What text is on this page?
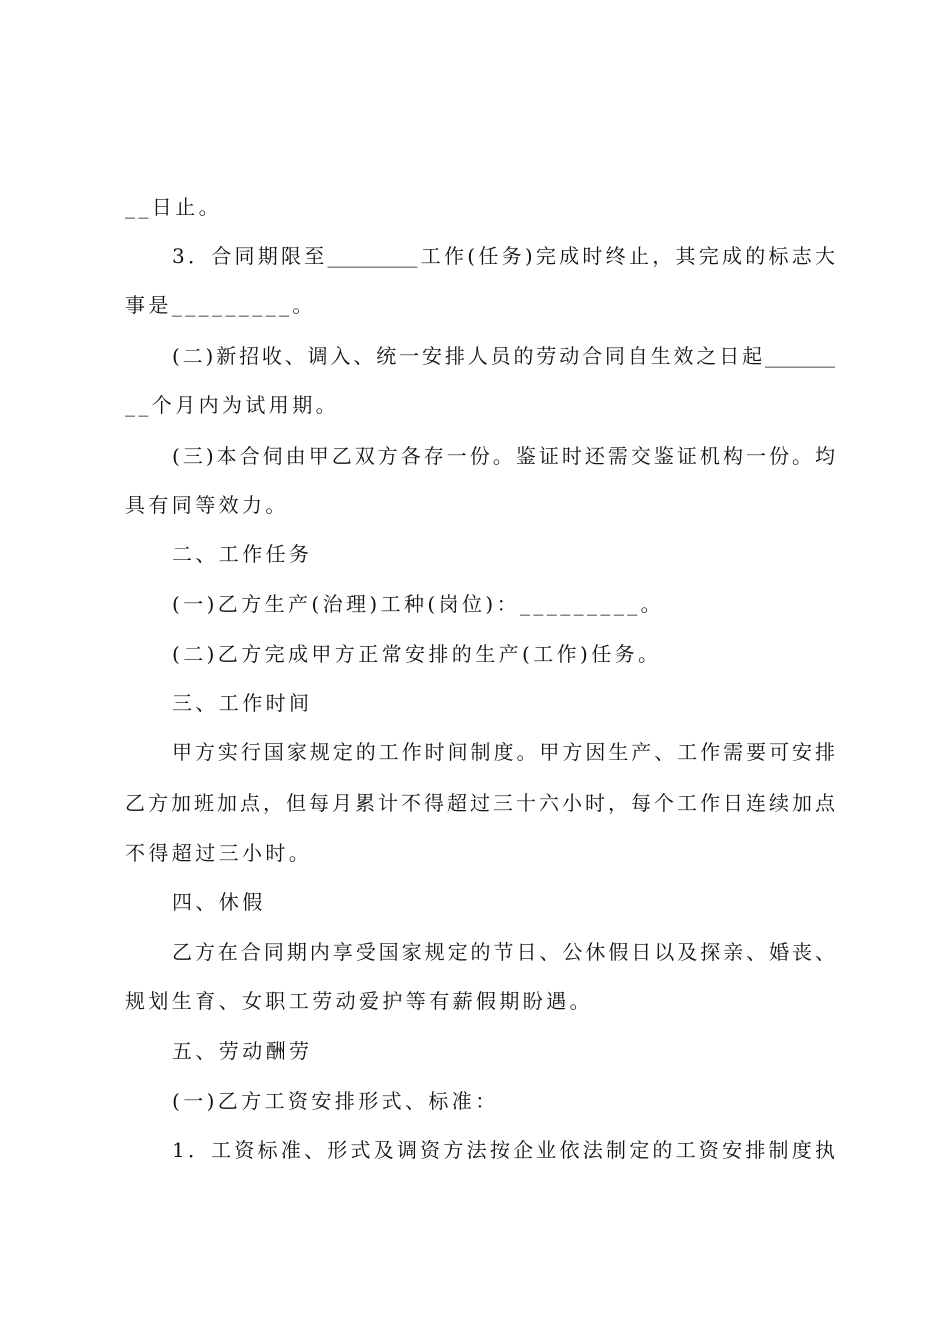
__日止。
3．合同期限至_________工作(任务)完成时终止，其完成的标志大
事是_________。
(二)新招收、调入、统一安排人员的劳动合同自生效之日起_______
__个月内为试用期。
(三)本合伺由甲乙双方各存一份。鉴证时还需交鉴证机构一份。均
具有同等效力。
二、工作任务
(一)乙方生产(治理)工种(岗位)：_________。
(二)乙方完成甲方正常安排的生产(工作)任务。
三、工作时间
甲方实行国家规定的工作时间制度。甲方因生产、工作需要可安排
乙方加班加点，但每月累计不得超过三十六小时，每个工作日连续加点
不得超过三小时。
四、休假
乙方在合同期内享受国家规定的节日、公休假日以及探亲、婚丧、
规划生育、女职工劳动爱护等有薪假期盼遇。
五、劳动酬劳
(一)乙方工资安排形式、标准：
1．工资标准、形式及调资方法按企业依法制定的工资安排制度执
